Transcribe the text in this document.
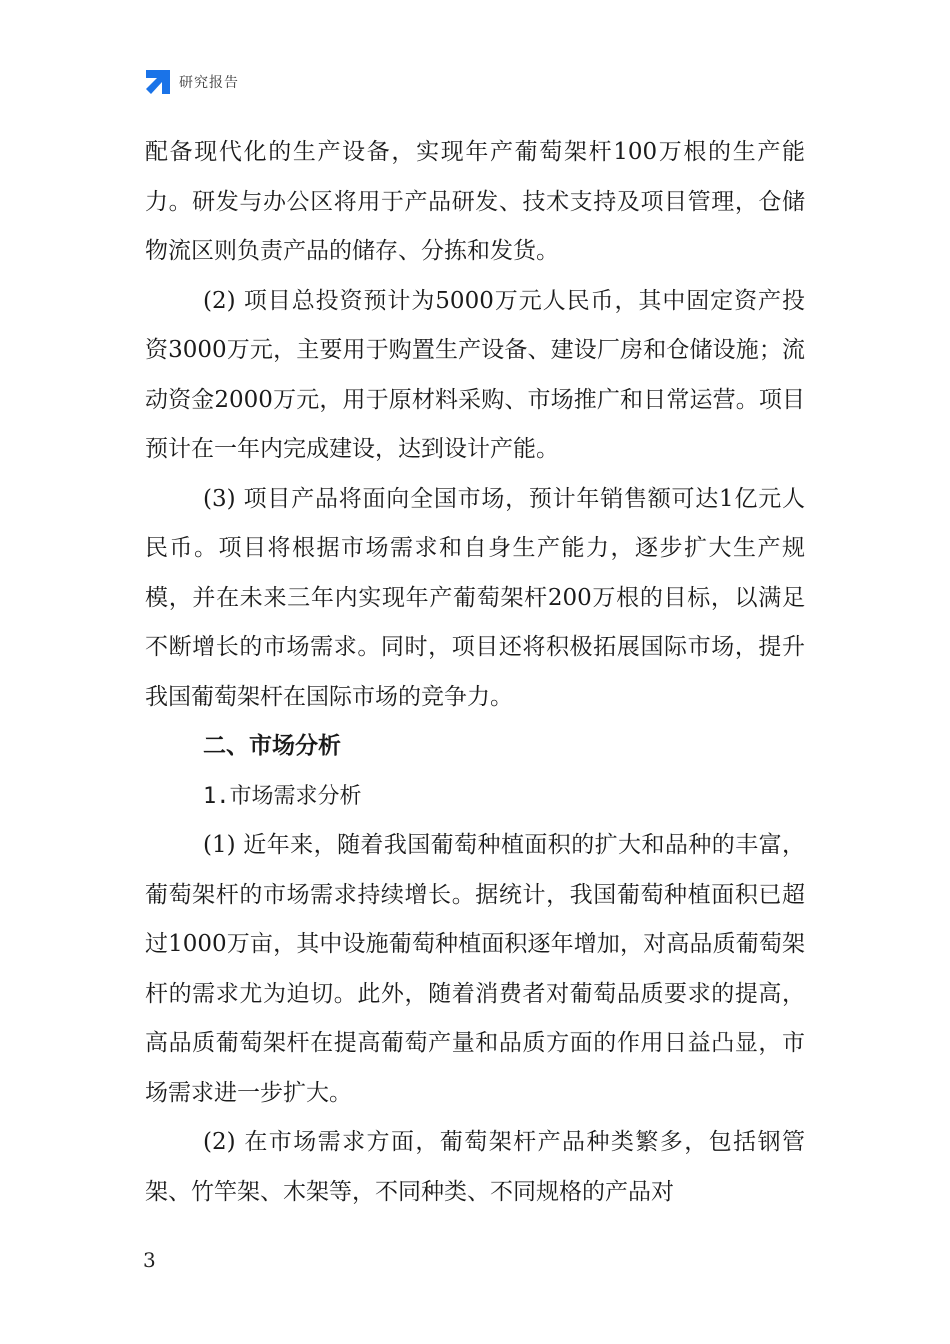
研究报告

配备现代化的生产设备，实现年产葡萄架杆100万根的生产能力。研发与办公区将用于产品研发、技术支持及项目管理，仓储物流区则负责产品的储存、分拣和发货。

(2) 项目总投资预计为5000万元人民币，其中固定资产投资3000万元，主要用于购置生产设备、建设厂房和仓储设施；流动资金2000万元，用于原材料采购、市场推广和日常运营。项目预计在一年内完成建设，达到设计产能。

(3) 项目产品将面向全国市场，预计年销售额可达1亿元人民币。项目将根据市场需求和自身生产能力，逐步扩大生产规模，并在未来三年内实现年产葡萄架杆200万根的目标，以满足不断增长的市场需求。同时，项目还将积极拓展国际市场，提升我国葡萄架杆在国际市场的竞争力。

二、市场分析

1.市场需求分析

(1) 近年来，随着我国葡萄种植面积的扩大和品种的丰富，葡萄架杆的市场需求持续增长。据统计，我国葡萄种植面积已超过1000万亩，其中设施葡萄种植面积逐年增加，对高品质葡萄架杆的需求尤为迫切。此外，随着消费者对葡萄品质要求的提高，高品质葡萄架杆在提高葡萄产量和品质方面的作用日益凸显，市场需求进一步扩大。

(2) 在市场需求方面，葡萄架杆产品种类繁多，包括钢管架、竹竿架、木架等，不同种类、不同规格的产品对

3
